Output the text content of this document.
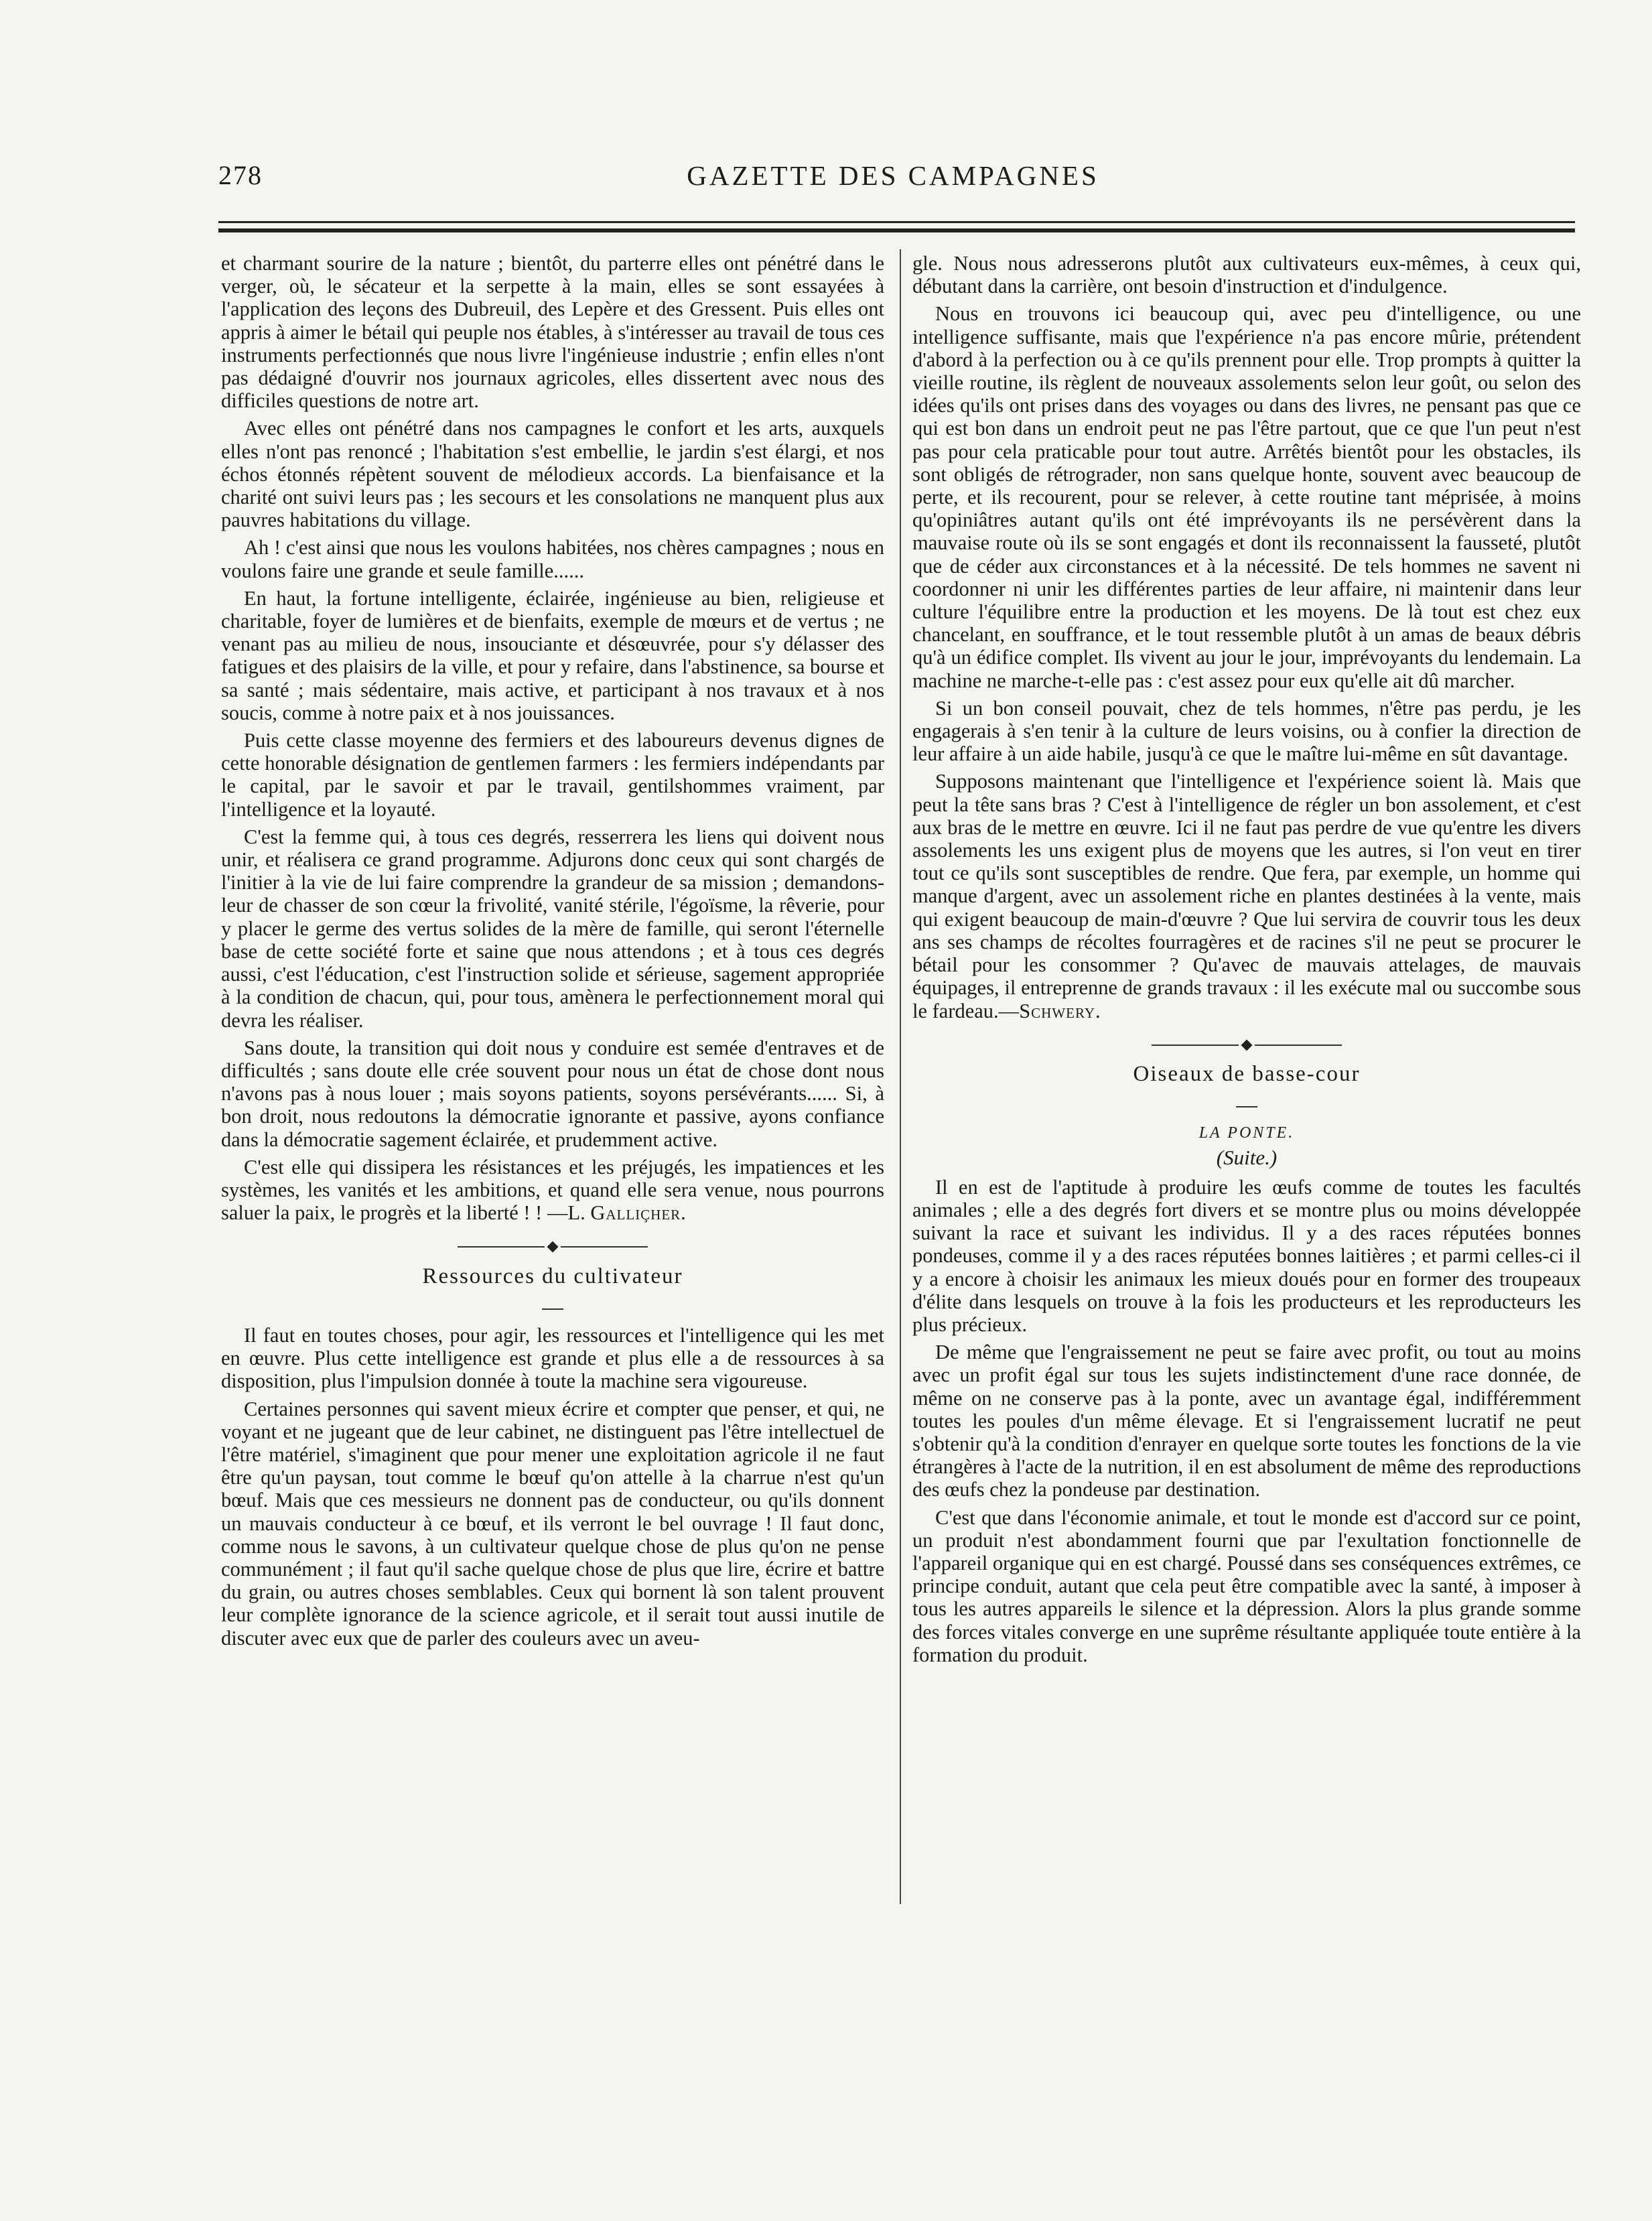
278	GAZETTE DES CAMPAGNES

et charmant sourire de la nature ; bientôt, du parterre elles ont pénétré dans le verger, où, le sécateur et la serpette à la main, elles se sont essayées à l'application des leçons des Dubreuil, des Lepère et des Gressent. Puis elles ont appris à aimer le bétail qui peuple nos étables, à s'intéresser au travail de tous ces instruments perfectionnés que nous livre l'ingénieuse industrie ; enfin elles n'ont pas dédaigné d'ouvrir nos journaux agricoles, elles dissertent avec nous des difficiles questions de notre art.

Avec elles ont pénétré dans nos campagnes le confort et les arts, auxquels elles n'ont pas renoncé ; l'habitation s'est embellie, le jardin s'est élargi, et nos échos étonnés répètent souvent de mélodieux accords. La bienfaisance et la charité ont suivi leurs pas ; les secours et les consolations ne manquent plus aux pauvres habitations du village.

Ah ! c'est ainsi que nous les voulons habitées, nos chères campagnes ; nous en voulons faire une grande et seule famille......

En haut, la fortune intelligente, éclairée, ingénieuse au bien, religieuse et charitable, foyer de lumières et de bienfaits, exemple de mœurs et de vertus ; ne venant pas au milieu de nous, insouciante et désœuvrée, pour s'y délasser des fatigues et des plaisirs de la ville, et pour y refaire, dans l'abstinence, sa bourse et sa santé ; mais sédentaire, mais active, et participant à nos travaux et à nos soucis, comme à notre paix et à nos jouissances.

Puis cette classe moyenne des fermiers et des laboureurs devenus dignes de cette honorable désignation de gentlemen farmers : les fermiers indépendants par le capital, par le savoir et par le travail, gentilshommes vraiment, par l'intelligence et la loyauté.

C'est la femme qui, à tous ces degrés, resserrera les liens qui doivent nous unir, et réalisera ce grand programme. Adjurons donc ceux qui sont chargés de l'initier à la vie de lui faire comprendre la grandeur de sa mission ; demandons-leur de chasser de son cœur la frivolité, vanité stérile, l'égoïsme, la rêverie, pour y placer le germe des vertus solides de la mère de famille, qui seront l'éternelle base de cette société forte et saine que nous attendons ; et à tous ces degrés aussi, c'est l'éducation, c'est l'instruction solide et sérieuse, sagement appropriée à la condition de chacun, qui, pour tous, amènera le perfectionnement moral qui devra les réaliser.

Sans doute, la transition qui doit nous y conduire est semée d'entraves et de difficultés ; sans doute elle crée souvent pour nous un état de chose dont nous n'avons pas à nous louer ; mais soyons patients, soyons persévérants...... Si, à bon droit, nous redoutons la démocratie ignorante et passive, ayons confiance dans la démocratie sagement éclairée, et prudemment active.

C'est elle qui dissipera les résistances et les préjugés, les impatiences et les systèmes, les vanités et les ambitions, et quand elle sera venue, nous pourrons saluer la paix, le progrès et la liberté ! ! —L. Galliçher.

Ressources du cultivateur

Il faut en toutes choses, pour agir, les ressources et l'intelligence qui les met en œuvre. Plus cette intelligence est grande et plus elle a de ressources à sa disposition, plus l'impulsion donnée à toute la machine sera vigoureuse.

Certaines personnes qui savent mieux écrire et compter que penser, et qui, ne voyant et ne jugeant que de leur cabinet, ne distinguent pas l'être intellectuel de l'être matériel, s'imaginent que pour mener une exploitation agricole il ne faut être qu'un paysan, tout comme le bœuf qu'on attelle à la charrue n'est qu'un bœuf. Mais que ces messieurs ne donnent pas de conducteur, ou qu'ils donnent un mauvais conducteur à ce bœuf, et ils verront le bel ouvrage ! Il faut donc, comme nous le savons, à un cultivateur quelque chose de plus qu'on ne pense communément ; il faut qu'il sache quelque chose de plus que lire, écrire et battre du grain, ou autres choses semblables. Ceux qui bornent là son talent prouvent leur complète ignorance de la science agricole, et il serait tout aussi inutile de discuter avec eux que de parler des couleurs avec un aveu-

gle. Nous nous adresserons plutôt aux cultivateurs eux-mêmes, à ceux qui, débutant dans la carrière, ont besoin d'instruction et d'indulgence.

Nous en trouvons ici beaucoup qui, avec peu d'intelligence, ou une intelligence suffisante, mais que l'expérience n'a pas encore mûrie, prétendent d'abord à la perfection ou à ce qu'ils prennent pour elle. Trop prompts à quitter la vieille routine, ils règlent de nouveaux assolements selon leur goût, ou selon des idées qu'ils ont prises dans des voyages ou dans des livres, ne pensant pas que ce qui est bon dans un endroit peut ne pas l'être partout, que ce que l'un peut n'est pas pour cela praticable pour tout autre. Arrêtés bientôt pour les obstacles, ils sont obligés de rétrograder, non sans quelque honte, souvent avec beaucoup de perte, et ils recourent, pour se relever, à cette routine tant méprisée, à moins qu'opiniâtres autant qu'ils ont été imprévoyants ils ne persévèrent dans la mauvaise route où ils se sont engagés et dont ils reconnaissent la fausseté, plutôt que de céder aux circonstances et à la nécessité. De tels hommes ne savent ni coordonner ni unir les différentes parties de leur affaire, ni maintenir dans leur culture l'équilibre entre la production et les moyens. De là tout est chez eux chancelant, en souffrance, et le tout ressemble plutôt à un amas de beaux débris qu'à un édifice complet. Ils vivent au jour le jour, imprévoyants du lendemain. La machine ne marche-t-elle pas : c'est assez pour eux qu'elle ait dû marcher.

Si un bon conseil pouvait, chez de tels hommes, n'être pas perdu, je les engagerais à s'en tenir à la culture de leurs voisins, ou à confier la direction de leur affaire à un aide habile, jusqu'à ce que le maître lui-même en sût davantage.

Supposons maintenant que l'intelligence et l'expérience soient là. Mais que peut la tête sans bras ? C'est à l'intelligence de régler un bon assolement, et c'est aux bras de le mettre en œuvre. Ici il ne faut pas perdre de vue qu'entre les divers assolements les uns exigent plus de moyens que les autres, si l'on veut en tirer tout ce qu'ils sont susceptibles de rendre. Que fera, par exemple, un homme qui manque d'argent, avec un assolement riche en plantes destinées à la vente, mais qui exigent beaucoup de main-d'œuvre ? Que lui servira de couvrir tous les deux ans ses champs de récoltes fourragères et de racines s'il ne peut se procurer le bétail pour les consommer ? Qu'avec de mauvais attelages, de mauvais équipages, il entreprenne de grands travaux : il les exécute mal ou succombe sous le fardeau.—Schwery.

Oiseaux de basse-cour
LA PONTE.
(Suite.)

Il en est de l'aptitude à produire les œufs comme de toutes les facultés animales ; elle a des degrés fort divers et se montre plus ou moins développée suivant la race et suivant les individus. Il y a des races réputées bonnes pondeuses, comme il y a des races réputées bonnes laitières ; et parmi celles-ci il y a encore à choisir les animaux les mieux doués pour en former des troupeaux d'élite dans lesquels on trouve à la fois les producteurs et les reproducteurs les plus précieux.

De même que l'engraissement ne peut se faire avec profit, ou tout au moins avec un profit égal sur tous les sujets indistinctement d'une race donnée, de même on ne conserve pas à la ponte, avec un avantage égal, indifféremment toutes les poules d'un même élevage. Et si l'engraissement lucratif ne peut s'obtenir qu'à la condition d'enrayer en quelque sorte toutes les fonctions de la vie étrangères à l'acte de la nutrition, il en est absolument de même des reproductions des œufs chez la pondeuse par destination.

C'est que dans l'économie animale, et tout le monde est d'accord sur ce point, un produit n'est abondamment fourni que par l'exultation fonctionnelle de l'appareil organique qui en est chargé. Poussé dans ses conséquences extrêmes, ce principe conduit, autant que cela peut être compatible avec la santé, à imposer à tous les autres appareils le silence et la dépression. Alors la plus grande somme des forces vitales converge en une suprême résultante appliquée toute entière à la formation du produit.
